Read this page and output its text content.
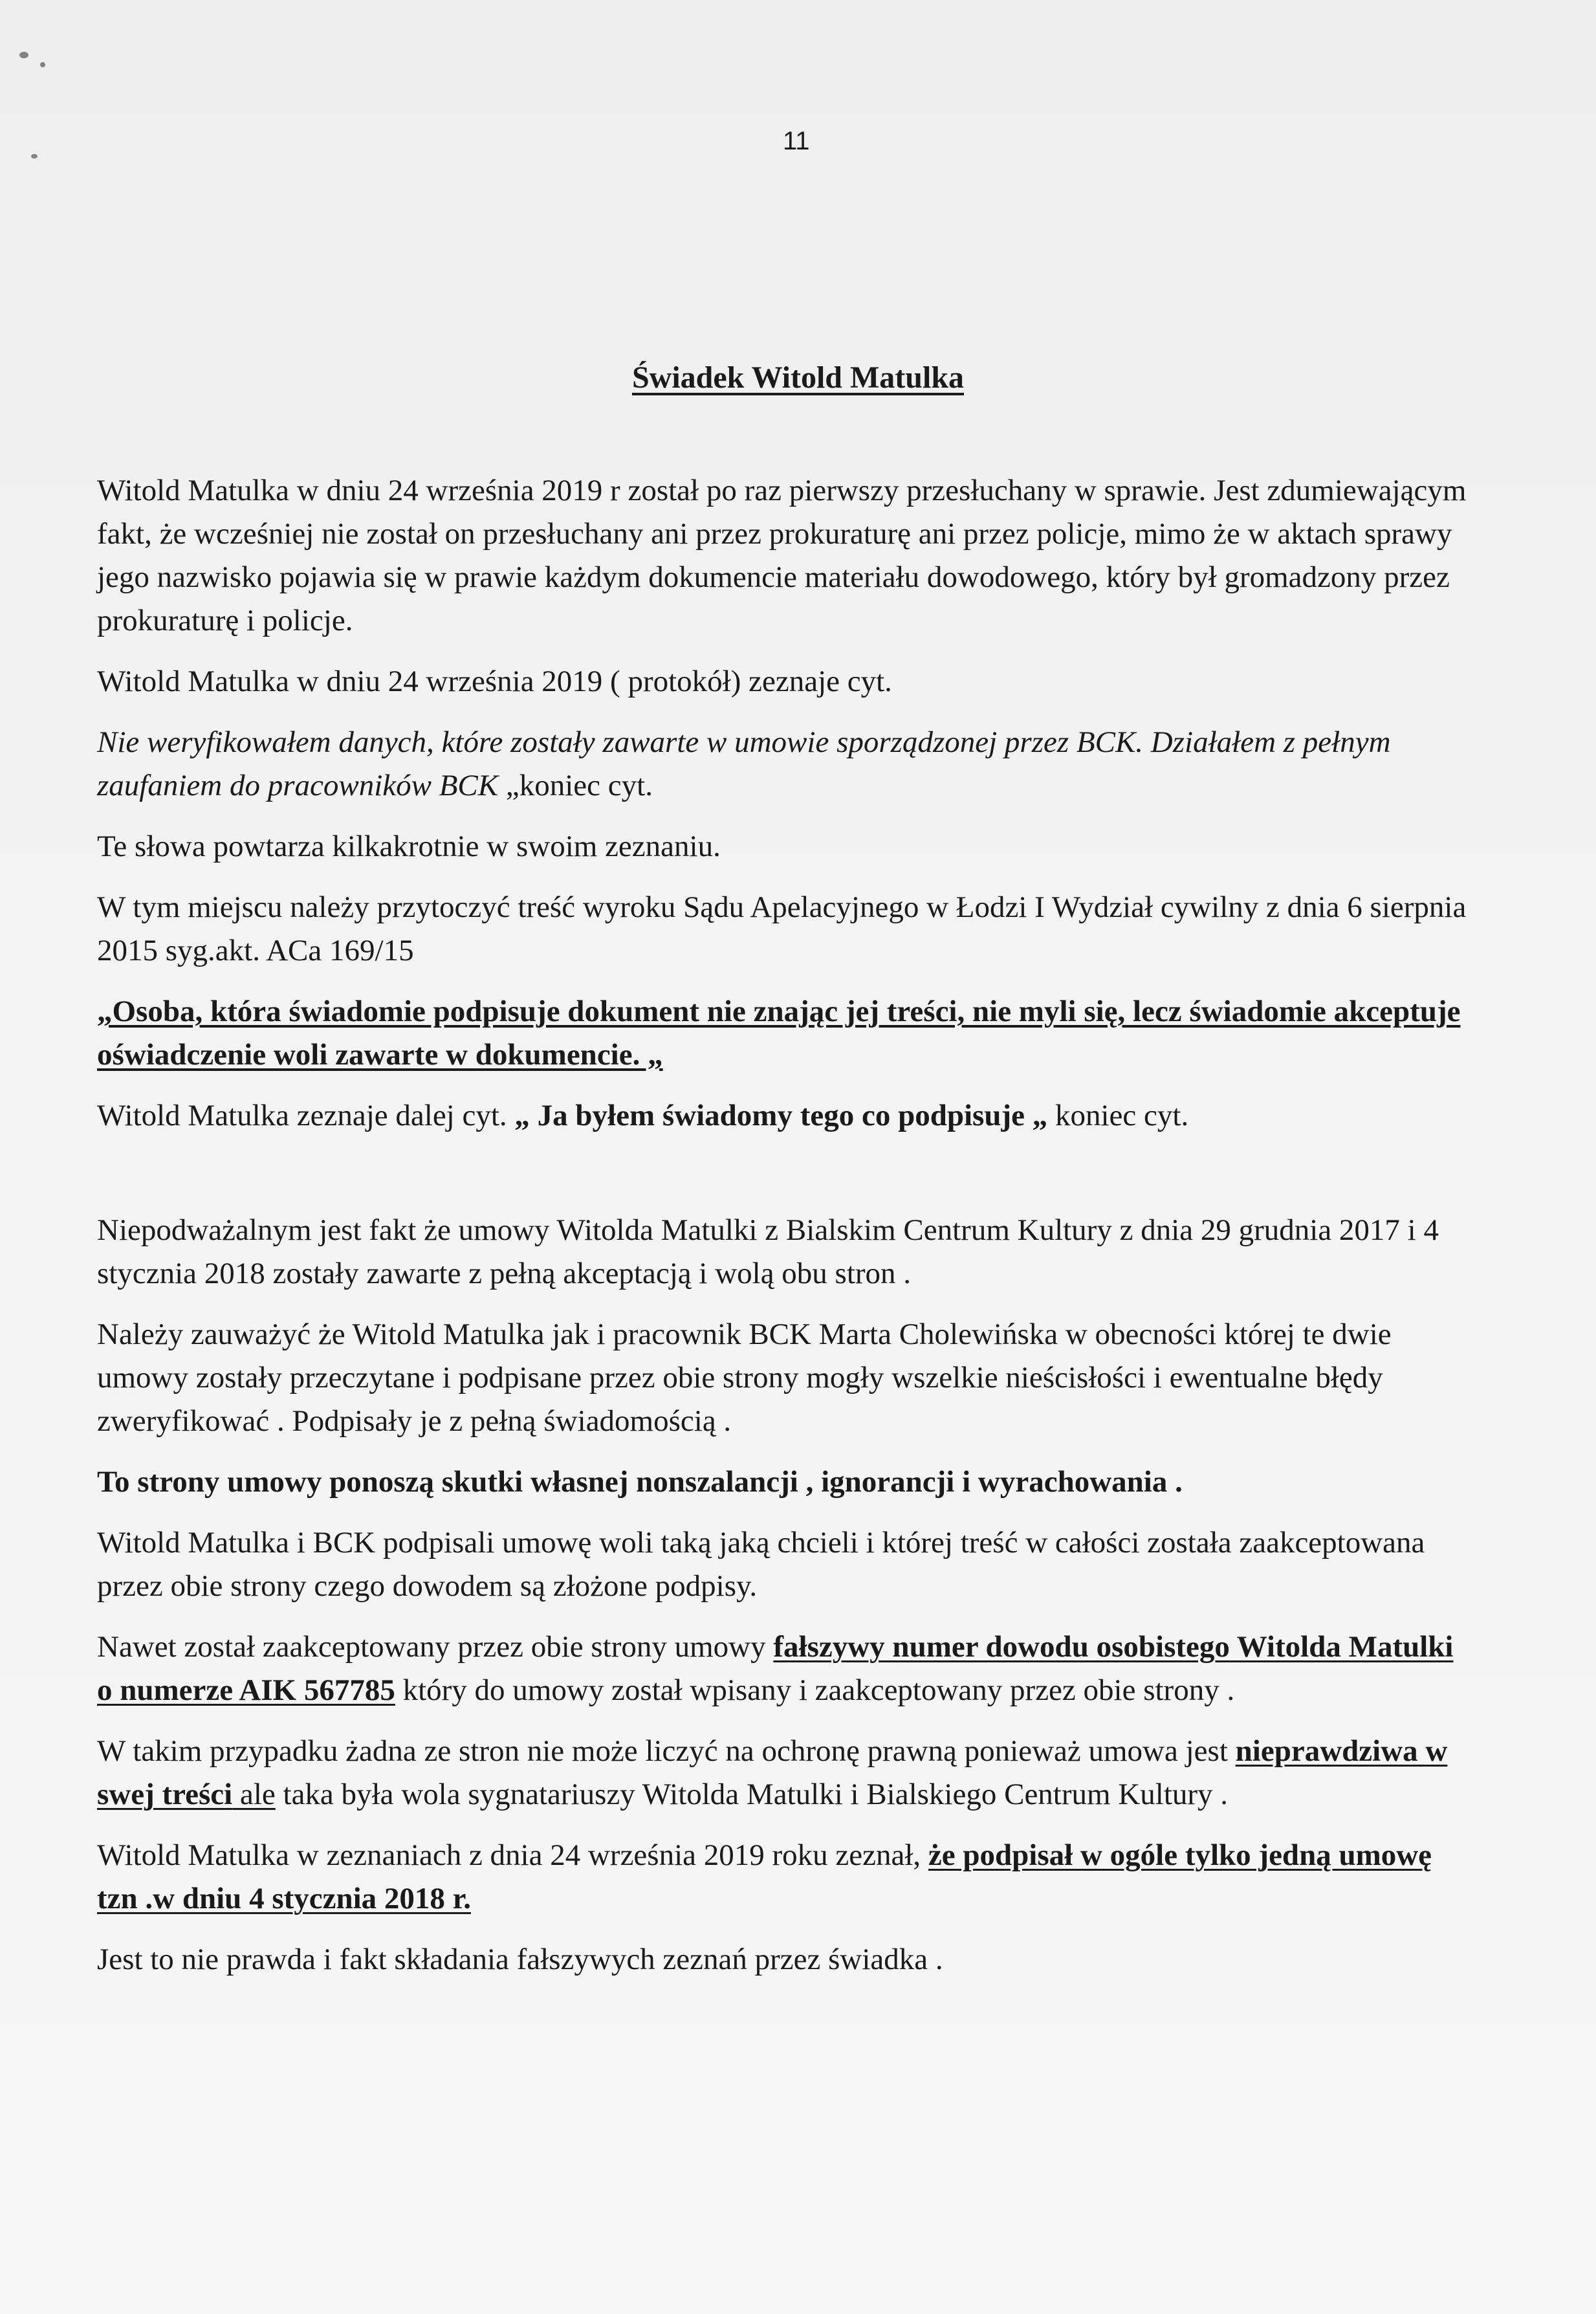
11
Świadek Witold Matulka

Witold Matulka w dniu 24 września 2019 r został po raz pierwszy przesłuchany w sprawie. Jest zdumiewającym fakt, że wcześniej nie został on przesłuchany ani przez prokuraturę ani przez policje, mimo że w aktach sprawy jego nazwisko pojawia się w prawie każdym dokumencie materiału dowodowego, który był gromadzony przez prokuraturę i policje.

Witold Matulka w dniu 24 września 2019 ( protokół) zeznaje cyt.

Nie weryfikowałem danych, które zostały zawarte w umowie sporządzonej przez BCK. Działałem z pełnym zaufaniem do pracowników BCK „koniec cyt.

Te słowa powtarza kilkakrotnie w swoim zeznaniu.

W tym miejscu należy przytoczyć treść wyroku Sądu Apelacyjnego w Łodzi I Wydział cywilny z dnia 6 sierpnia 2015 syg.akt. ACa 169/15

„Osoba, która świadomie podpisuje dokument nie znając jej treści, nie myli się, lecz świadomie akceptuje oświadczenie woli zawarte w dokumencie. „

Witold Matulka zeznaje dalej cyt. „ Ja byłem świadomy tego co podpisuje „ koniec cyt.

Niepodważalnym jest fakt że umowy Witolda Matulki z Bialskim Centrum Kultury z dnia 29 grudnia 2017 i 4 stycznia 2018 zostały zawarte z pełną akceptacją i wolą obu stron .

Należy zauważyć że Witold Matulka jak i pracownik BCK Marta Cholewińska w obecności której te dwie umowy zostały przeczytane i podpisane przez obie strony mogły wszelkie nieścisłości i ewentualne błędy zweryfikować . Podpisały je z pełną świadomością .

To strony umowy ponoszą skutki własnej nonszalancji , ignorancji i wyrachowania .

Witold Matulka i BCK podpisali umowę woli taką jaką chcieli i której treść w całości została zaakceptowana przez obie strony czego dowodem są złożone podpisy.

Nawet został zaakceptowany przez obie strony umowy fałszywy numer dowodu osobistego Witolda Matulki o numerze AIK 567785 który do umowy został wpisany i zaakceptowany przez obie strony .

W takim przypadku żadna ze stron nie może liczyć na ochronę prawną ponieważ umowa jest nieprawdziwa w swej treści ale taka była wola sygnatariuszy Witolda Matulki i Bialskiego Centrum Kultury .

Witold Matulka w zeznaniach z dnia 24 września 2019 roku zeznał, że podpisał w ogóle tylko jedną umowę tzn .w dniu 4 stycznia 2018 r.

Jest to nie prawda i fakt składania fałszywych zeznań przez świadka .
